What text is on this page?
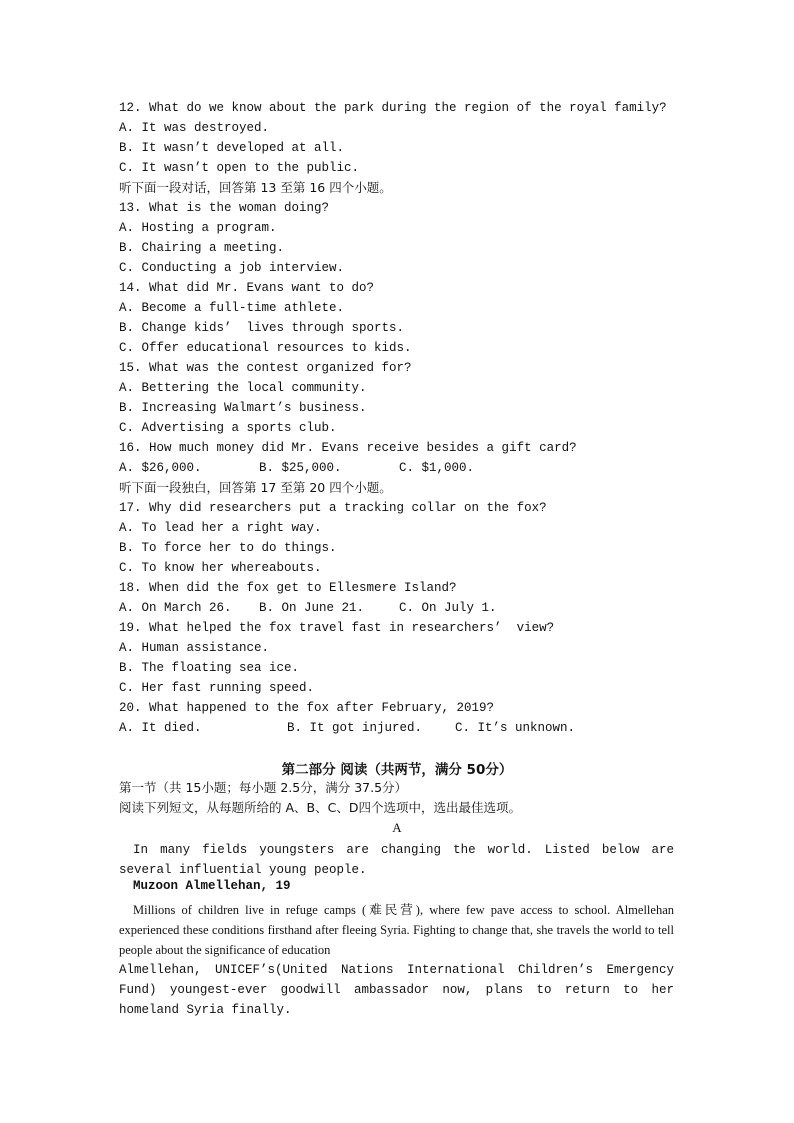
12. What do we know about the park during the region of the royal family?
A. It was destroyed.
B. It wasn’t developed at all.
C. It wasn’t open to the public.
听下面一段对话，回答第 13 至第 16 四个小题。
13. What is the woman doing?
A. Hosting a program.
B. Chairing a meeting.
C. Conducting a job interview.
14. What did Mr. Evans want to do?
A. Become a full-time athlete.
B. Change kids’  lives through sports.
C. Offer educational resources to kids.
15. What was the contest organized for?
A. Bettering the local community.
B. Increasing Walmart’s business.
C. Advertising a sports club.
16. How much money did Mr. Evans receive besides a gift card?

A. $26,000.

	B. $25,000.

	C. $1,000.

听下面一段独白，回答第 17 至第 20 四个小题。
17. Why did researchers put a tracking collar on the fox?
A. To lead her a right way.
B. To force her to do things.
C. To know her whereabouts.
18. When did the fox get to Ellesmere Island?

A. On March 26.

B. On June 21.

	C. On July 1.

19. What helped the fox travel fast in researchers’  view?
A. Human assistance.
B. The floating sea ice.
C. Her fast running speed.
20. What happened to the fox after February, 2019?

A. It died.

	B. It got injured.

	C. It’s unknown.

第二部分 阅读（共两节，满分 50分）
第一节（共 15小题；每小题 2.5分，满分 37.5分）
阅读下列短文，从每题所给的 A、B、C、D四个选项中，选出最佳选项。
A
In many fields youngsters are changing the world. Listed below are several influential young people.
Muzoon Almellehan, 19
Millions of children live in refuge camps (难民营), where few pave access to school. Almellehan experienced these conditions firsthand after fleeing Syria. Fighting to change that, she travels the world to tell people about the significance of education
Almellehan, UNICEF’s(United Nations International Children’s Emergency Fund) youngest-ever goodwill ambassador now, plans to return to her homeland Syria finally.
